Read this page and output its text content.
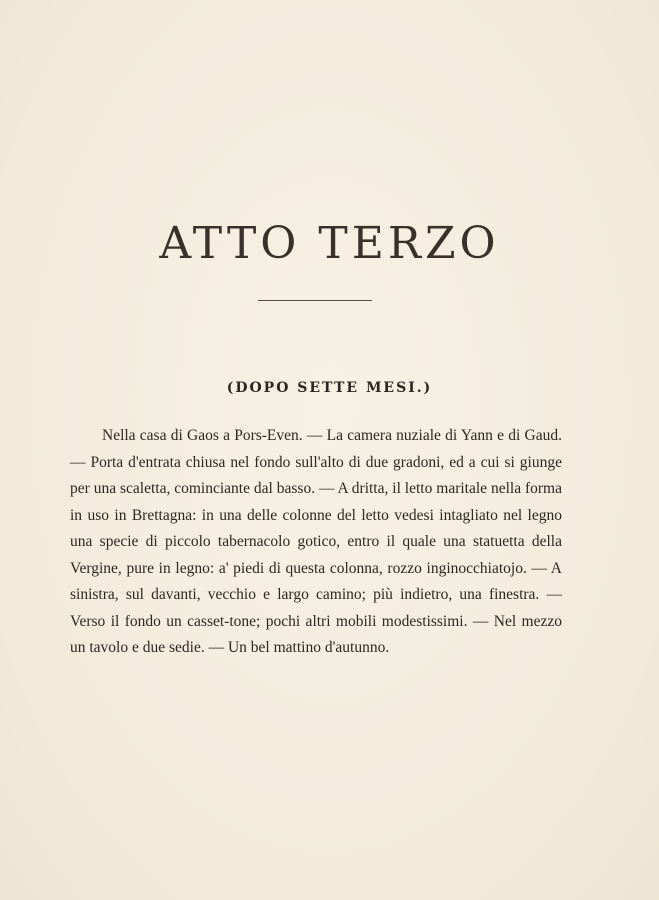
ATTO TERZO
(DOPO SETTE MESI.)

Nella casa di Gaos a Pors-Even. — La camera nuziale di Yann e di Gaud. — Porta d'entrata chiusa nel fondo sull'alto di due gradoni, ed a cui si giunge per una scaletta, cominciante dal basso. — A dritta, il letto maritale nella forma in uso in Brettagna: in una delle colonne del letto vedesi intagliato nel legno una specie di piccolo tabernacolo gotico, entro il quale una statuetta della Vergine, pure in legno: a' piedi di questa colonna, rozzo inginocchiatojo. — A sinistra, sul davanti, vecchio e largo camino; più indietro, una finestra. — Verso il fondo un casset-tone; pochi altri mobili modestissimi. — Nel mezzo un tavolo e due sedie. — Un bel mattino d'autunno.
